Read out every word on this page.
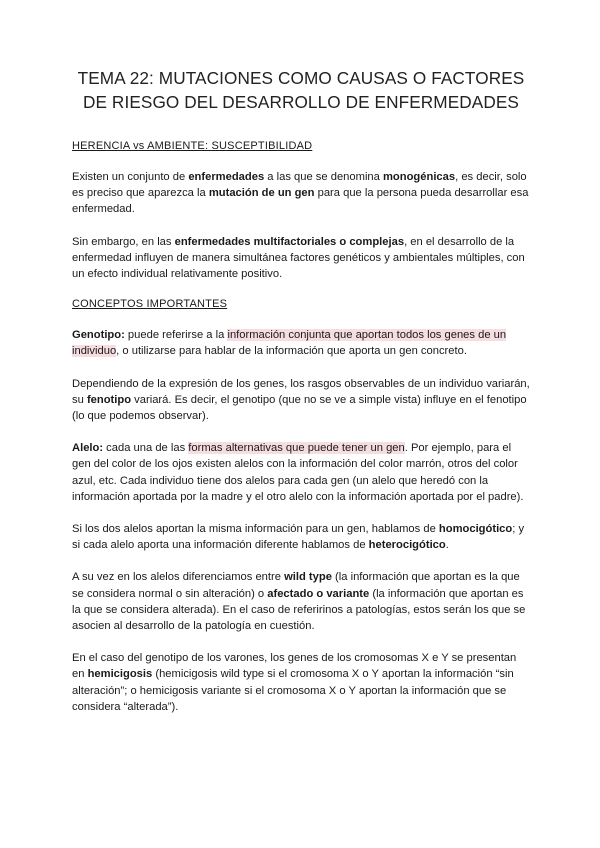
TEMA 22: MUTACIONES COMO CAUSAS O FACTORES
DE RIESGO DEL DESARROLLO DE ENFERMEDADES
HERENCIA vs AMBIENTE: SUSCEPTIBILIDAD

Existen un conjunto de enfermedades a las que se denomina monogénicas, es decir, solo es preciso que aparezca la mutación de un gen para que la persona pueda desarrollar esa enfermedad.

Sin embargo, en las enfermedades multifactoriales o complejas, en el desarrollo de la enfermedad influyen de manera simultánea factores genéticos y ambientales múltiples, con un efecto individual relativamente positivo.

CONCEPTOS IMPORTANTES

Genotipo: puede referirse a la información conjunta que aportan todos los genes de un individuo, o utilizarse para hablar de la información que aporta un gen concreto.

Dependiendo de la expresión de los genes, los rasgos observables de un individuo variarán, su fenotipo variará. Es decir, el genotipo (que no se ve a simple vista) influye en el fenotipo (lo que podemos observar).

Alelo: cada una de las formas alternativas que puede tener un gen. Por ejemplo, para el gen del color de los ojos existen alelos con la información del color marrón, otros del color azul, etc. Cada individuo tiene dos alelos para cada gen (un alelo que heredó con la información aportada por la madre y el otro alelo con la información aportada por el padre).

Si los dos alelos aportan la misma información para un gen, hablamos de homocigótico; y si cada alelo aporta una información diferente hablamos de heterocigótico.

A su vez en los alelos diferenciamos entre wild type (la información que aportan es la que se considera normal o sin alteración) o afectado o variante (la información que aportan es la que se considera alterada). En el caso de referirinos a patologías, estos serán los que se asocien al desarrollo de la patología en cuestión.

En el caso del genotipo de los varones, los genes de los cromosomas X e Y se presentan en hemicigosis (hemicigosis wild type si el cromosoma X o Y aportan la información “sin alteración”; o hemicigosis variante si el cromosoma X o Y aportan la información que se considera “alterada”).
